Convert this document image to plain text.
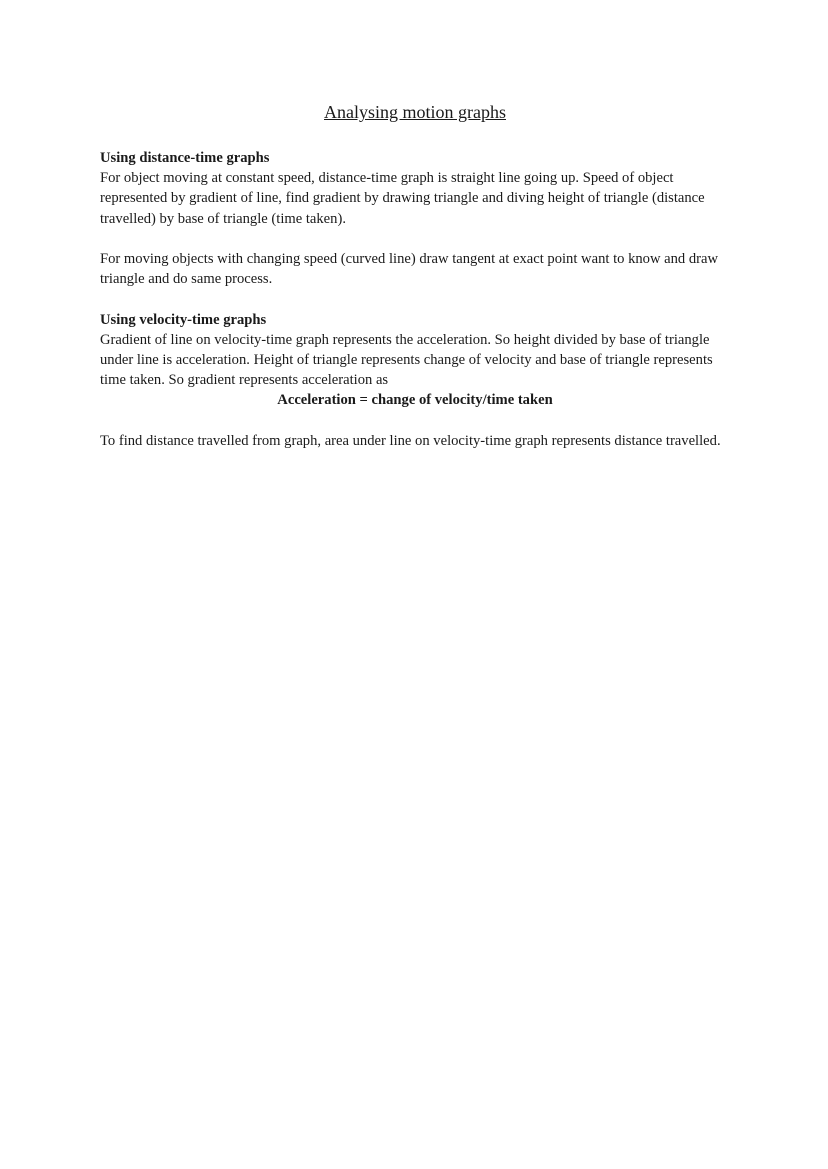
Analysing motion graphs

Using distance-time graphs

For object moving at constant speed, distance-time graph is straight line going up. Speed of object represented by gradient of line, find gradient by drawing triangle and diving height of triangle (distance travelled) by base of triangle (time taken).

For moving objects with changing speed (curved line) draw tangent at exact point want to know and draw triangle and do same process.

Using velocity-time graphs

Gradient of line on velocity-time graph represents the acceleration. So height divided by base of triangle under line is acceleration. Height of triangle represents change of velocity and base of triangle represents time taken. So gradient represents acceleration as

Acceleration = change of velocity/time taken

To find distance travelled from graph, area under line on velocity-time graph represents distance travelled.
